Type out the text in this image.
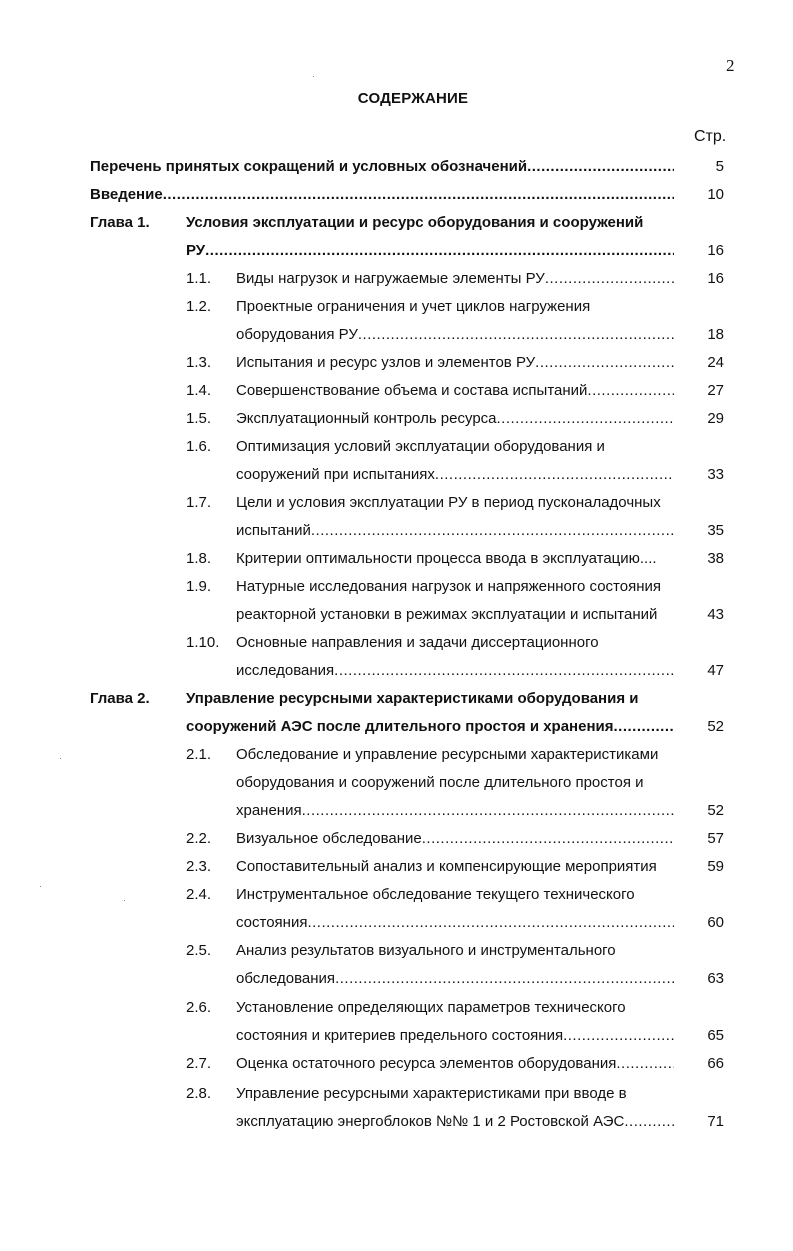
2
СОДЕРЖАНИЕ
Стр.
Перечень принятых сокращений и условных обозначений .....	5
Введение .....	10
Глава 1. Условия эксплуатации и ресурс оборудования и сооружений
РУ .....	16
1.1. Виды нагрузок и нагружаемые элементы РУ .....	16
1.2. Проектные ограничения и учет циклов нагружения
оборудования РУ .....	18
1.3. Испытания и ресурс узлов и элементов РУ .....	24
1.4. Совершенствование объема и состава испытаний .....	27
1.5. Эксплуатационный контроль ресурса .....	29
1.6. Оптимизация условий эксплуатации оборудования и
сооружений при испытаниях .....	33
1.7. Цели и условия эксплуатации РУ в период пусконаладочных
испытаний .....	35
1.8. Критерии оптимальности процесса ввода в эксплуатацию....	38
1.9. Натурные исследования нагрузок и напряженного состояния
реакторной установки в режимах эксплуатации и испытаний	43
1.10. Основные направления и задачи диссертационного
исследования .....	47
Глава 2. Управление ресурсными характеристиками оборудования и
сооружений АЭС после длительного простоя и хранения .....	52
2.1. Обследование и управление ресурсными характеристиками
оборудования и сооружений после длительного простоя и
хранения .....	52
2.2. Визуальное обследование .....	57
2.3. Сопоставительный анализ и компенсирующие мероприятия	59
2.4. Инструментальное обследование текущего технического
состояния .....	60
2.5. Анализ результатов визуального и инструментального
обследования .....	63
2.6. Установление определяющих параметров технического
состояния и критериев предельного состояния .....	65
2.7. Оценка остаточного ресурса элементов оборудования .....	66
2.8. Управление ресурсными характеристиками при вводе в
эксплуатацию энергоблоков №№ 1 и 2 Ростовской АЭС .....	71
